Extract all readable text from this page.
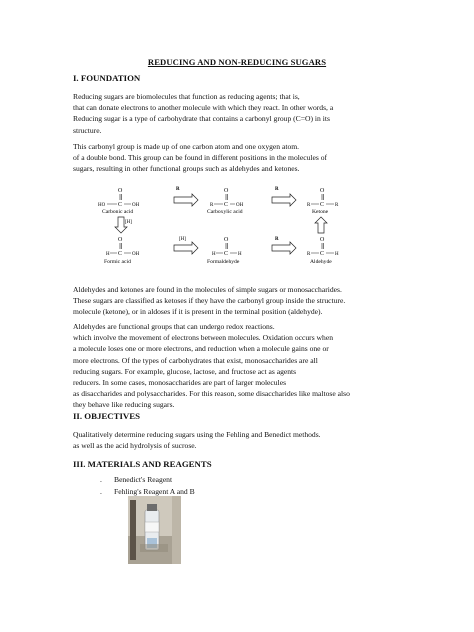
REDUCING AND NON-REDUCING SUGARS
I. FOUNDATION
Reducing sugars are biomolecules that function as reducing agents; that is,
that can donate electrons to another molecule with which they react. In other words, a
Reducing sugar is a type of carbohydrate that contains a carbonyl group (C=O) in its
structure.
This carbonyl group is made up of one carbon atom and one oxygen atom.
of a double bond. This group can be found in different positions in the molecules of
sugars, resulting in other functional groups such as aldehydes and ketones.
O
C
HO	OH
Carbonic acid
R	O
C
R	OH
Carboxylic acid
R	O
C
R	R
Ketone
[H]
O
C
H	OH
Formic acid
[H]	O
C
H	H
Formaldehyde
R	O
C
R	H
Aldehyde
Aldehydes and ketones are found in the molecules of simple sugars or monosaccharides.
These sugars are classified as ketoses if they have the carbonyl group inside the structure.
molecule (ketone), or in aldoses if it is present in the terminal position (aldehyde).
Aldehydes are functional groups that can undergo redox reactions.
which involve the movement of electrons between molecules. Oxidation occurs when
a molecule loses one or more electrons, and reduction when a molecule gains one or
more electrons. Of the types of carbohydrates that exist, monosaccharides are all
reducing sugars. For example, glucose, lactose, and fructose act as agents
reducers. In some cases, monosaccharides are part of larger molecules
as disaccharides and polysaccharides. For this reason, some disaccharides like maltose also
they behave like reducing sugars.
II. OBJECTIVES
Qualitatively determine reducing sugars using the Fehling and Benedict methods.
as well as the acid hydrolysis of sucrose.
III. MATERIALS AND REAGENTS
. Benedict's Reagent
. Fehling's Reagent A and B
